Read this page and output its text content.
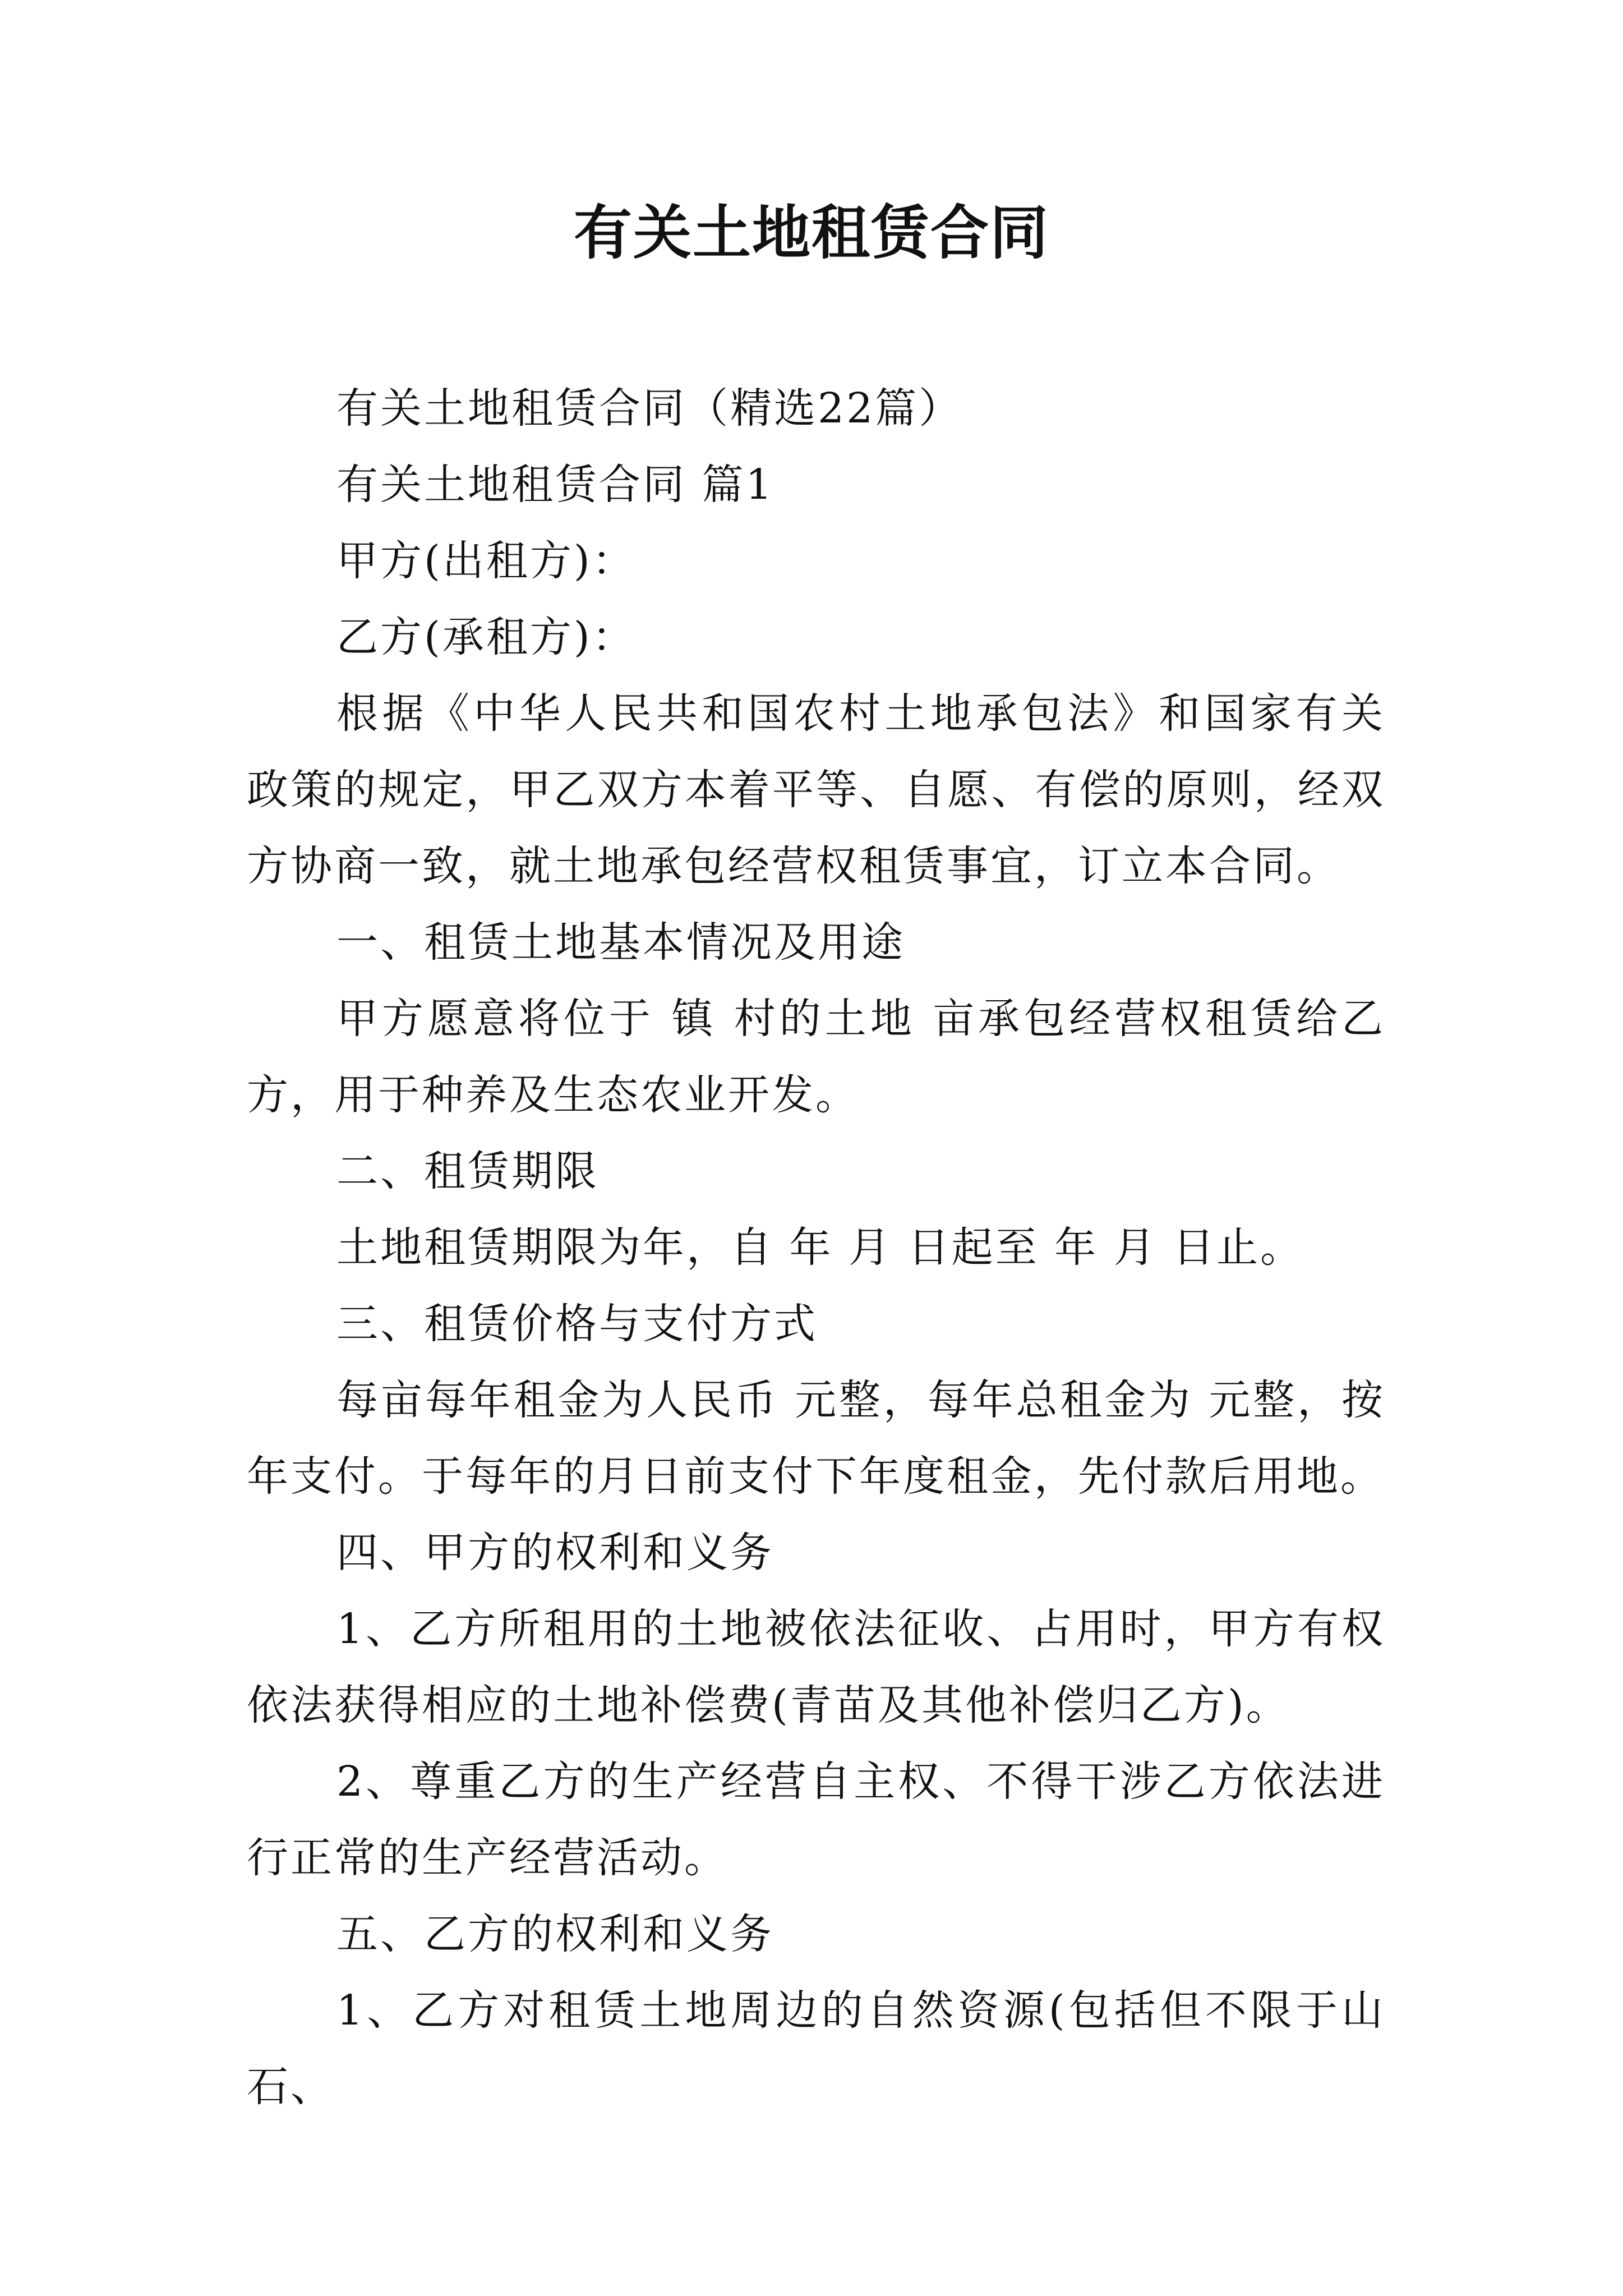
有关土地租赁合同

有关土地租赁合同（精选22篇）

有关土地租赁合同 篇1

甲方(出租方)：

乙方(承租方)：

根据《中华人民共和国农村土地承包法》和国家有关政策的规定，甲乙双方本着平等、自愿、有偿的原则，经双方协商一致，就土地承包经营权租赁事宜，订立本合同。

一、租赁土地基本情况及用途

甲方愿意将位于 镇 村的土地 亩承包经营权租赁给乙方，用于种养及生态农业开发。

二、租赁期限

土地租赁期限为年，自 年 月 日起至 年 月 日止。

三、租赁价格与支付方式

每亩每年租金为人民币 元整，每年总租金为 元整，按年支付。于每年的月日前支付下年度租金，先付款后用地。

四、甲方的权利和义务

1、乙方所租用的土地被依法征收、占用时，甲方有权依法获得相应的土地补偿费(青苗及其他补偿归乙方)。

2、尊重乙方的生产经营自主权、不得干涉乙方依法进行正常的生产经营活动。

五、乙方的权利和义务

1、乙方对租赁土地周边的自然资源(包括但不限于山石、
